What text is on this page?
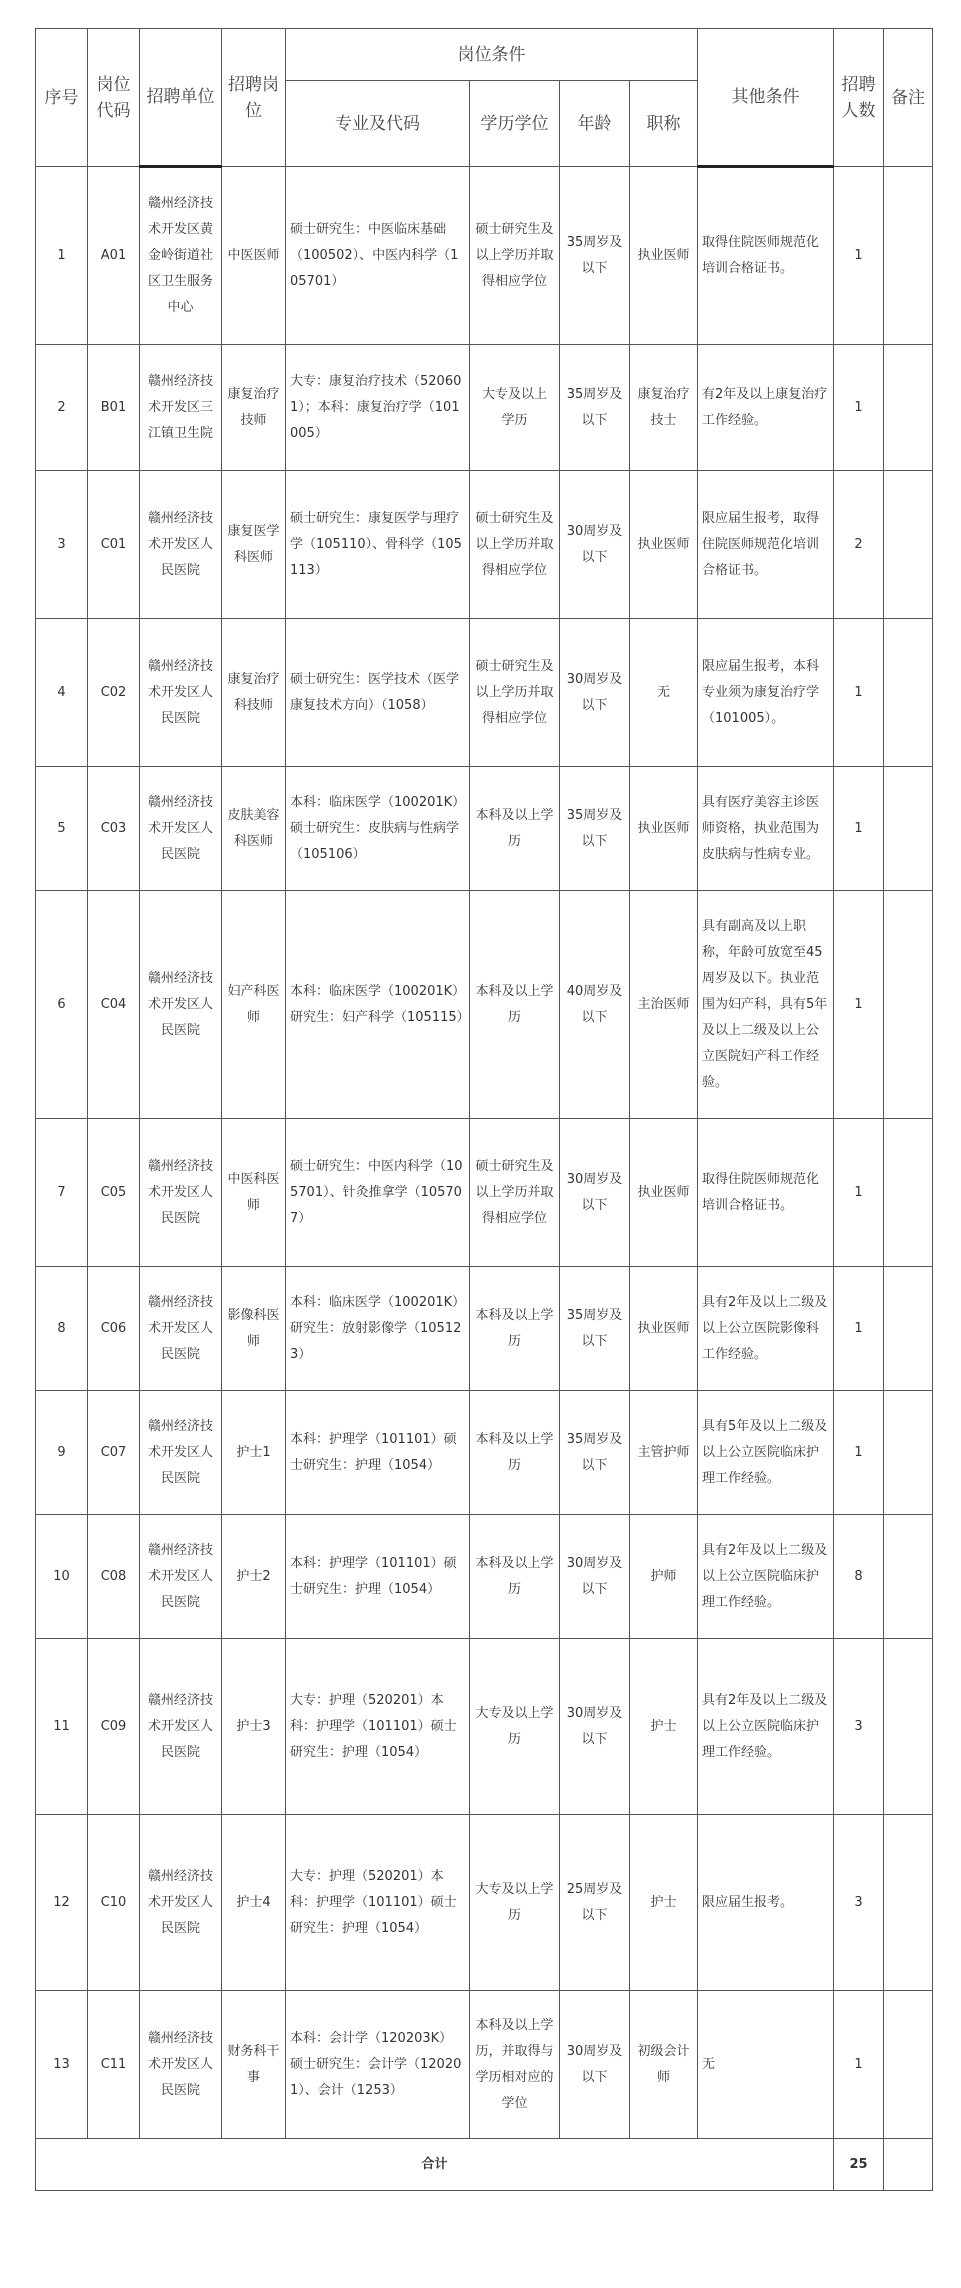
序号	岗位代码	招聘单位	招聘岗位	岗位条件				其他条件	招聘人数	备注
				专业及代码	学历学位	年龄	职称			
1	A01	赣州经济技术开发区黄金岭街道社区卫生服务中心	中医医师	硕士研究生：中医临床基础（100502）、中医内科学（105701）	硕士研究生及以上学历并取得相应学位	35周岁及以下	执业医师	取得住院医师规范化培训合格证书。	1	
2	B01	赣州经济技术开发区三江镇卫生院	康复治疗技师	大专：康复治疗技术（520601）；本科：康复治疗学（101005）	大专及以上 学历	35周岁及以下	康复治疗技士	有2年及以上康复治疗工作经验。	1	
3	C01	赣州经济技术开发区人民医院	康复医学科医师	硕士研究生：康复医学与理疗学（105110）、骨科学（105113）	硕士研究生及以上学历并取得相应学位	30周岁及以下	执业医师	限应届生报考，取得住院医师规范化培训合格证书。	2	
4	C02	赣州经济技术开发区人民医院	康复治疗科技师	硕士研究生：医学技术（医学康复技术方向）（1058）	硕士研究生及以上学历并取得相应学位	30周岁及以下	无	限应届生报考，本科专业须为康复治疗学（101005）。	1	
5	C03	赣州经济技术开发区人民医院	皮肤美容科医师	本科：临床医学（100201K）硕士研究生：皮肤病与性病学（105106）	本科及以上学历	35周岁及以下	执业医师	具有医疗美容主诊医师资格，执业范围为皮肤病与性病专业。	1	
6	C04	赣州经济技术开发区人民医院	妇产科医师	本科：临床医学（100201K）研究生：妇产科学（105115）	本科及以上学历	40周岁及以下	主治医师	具有副高及以上职称，年龄可放宽至45周岁及以下。执业范围为妇产科，具有5年及以上二级及以上公立医院妇产科工作经验。	1	
7	C05	赣州经济技术开发区人民医院	中医科医师	硕士研究生：中医内科学（105701）、针灸推拿学（105707）	硕士研究生及以上学历并取得相应学位	30周岁及以下	执业医师	取得住院医师规范化培训合格证书。	1	
8	C06	赣州经济技术开发区人民医院	影像科医师	本科：临床医学（100201K）研究生：放射影像学（105123）	本科及以上学历	35周岁及以下	执业医师	具有2年及以上二级及以上公立医院影像科工作经验。	1	
9	C07	赣州经济技术开发区人民医院	护士1	本科：护理学（101101）硕士研究生：护理（1054）	本科及以上学历	35周岁及以下	主管护师	具有5年及以上二级及以上公立医院临床护理工作经验。	1	
10	C08	赣州经济技术开发区人民医院	护士2	本科：护理学（101101）硕士研究生：护理（1054）	本科及以上学历	30周岁及以下	护师	具有2年及以上二级及以上公立医院临床护理工作经验。	8	
11	C09	赣州经济技术开发区人民医院	护士3	大专：护理（520201）本科：护理学（101101）硕士研究生：护理（1054）	大专及以上学历	30周岁及以下	护士	具有2年及以上二级及以上公立医院临床护理工作经验。	3	
12	C10	赣州经济技术开发区人民医院	护士4	大专：护理（520201）本科：护理学（101101）硕士研究生：护理（1054）	大专及以上学历	25周岁及以下	护士	限应届生报考。	3	
13	C11	赣州经济技术开发区人民医院	财务科干事	本科：会计学（120203K）硕士研究生：会计学（120201）、会计（1253）	本科及以上学历，并取得与学历相对应的学位	30周岁及以下	初级会计师	无	1	
合计									25	
